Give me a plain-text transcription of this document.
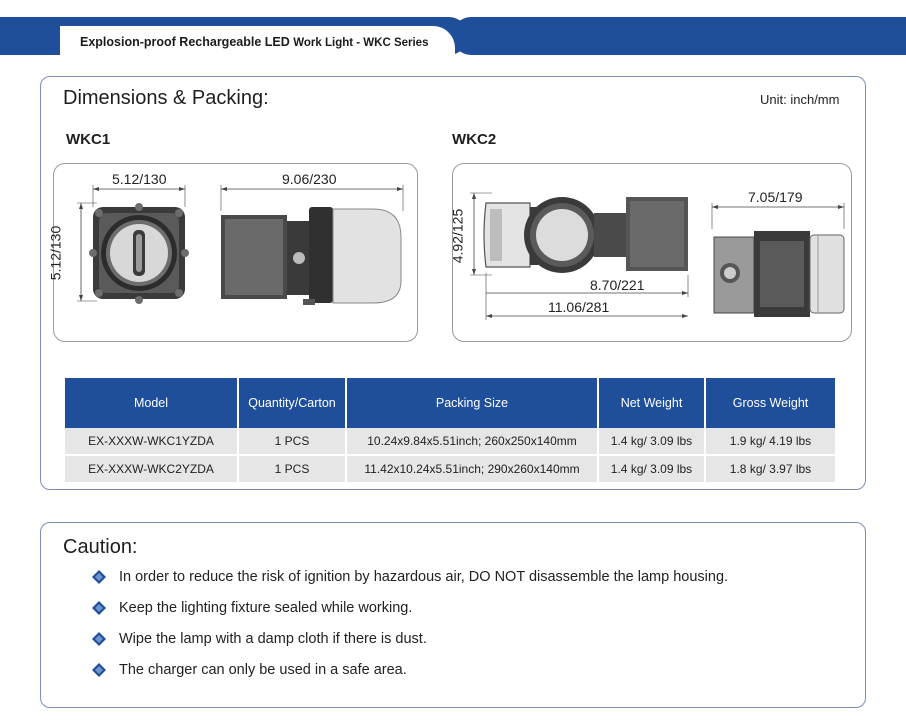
Explosion-proof Rechargeable LED Work Light - WKC Series
Dimensions & Packing:	Unit: inch/mm
WKC1	WKC2
5.12/130
5.12/130
9.06/230
4.92/125
8.70/221
11.06/281
7.05/179
Model	Quantity/Carton	Packing Size	Net Weight	Gross Weight
EX-XXXW-WKC1YZDA	1 PCS	10.24x9.84x5.51inch; 260x250x140mm	1.4 kg/ 3.09 lbs	1.9 kg/ 4.19 lbs
EX-XXXW-WKC2YZDA	1 PCS	11.42x10.24x5.51inch; 290x260x140mm	1.4 kg/ 3.09 lbs	1.8 kg/ 3.97 lbs
Caution:
In order to reduce the risk of ignition by hazardous air, DO NOT disassemble the lamp housing.
Keep the lighting fixture sealed while working.
Wipe the lamp with a damp cloth if there is dust.
The charger can only be used in a safe area.
